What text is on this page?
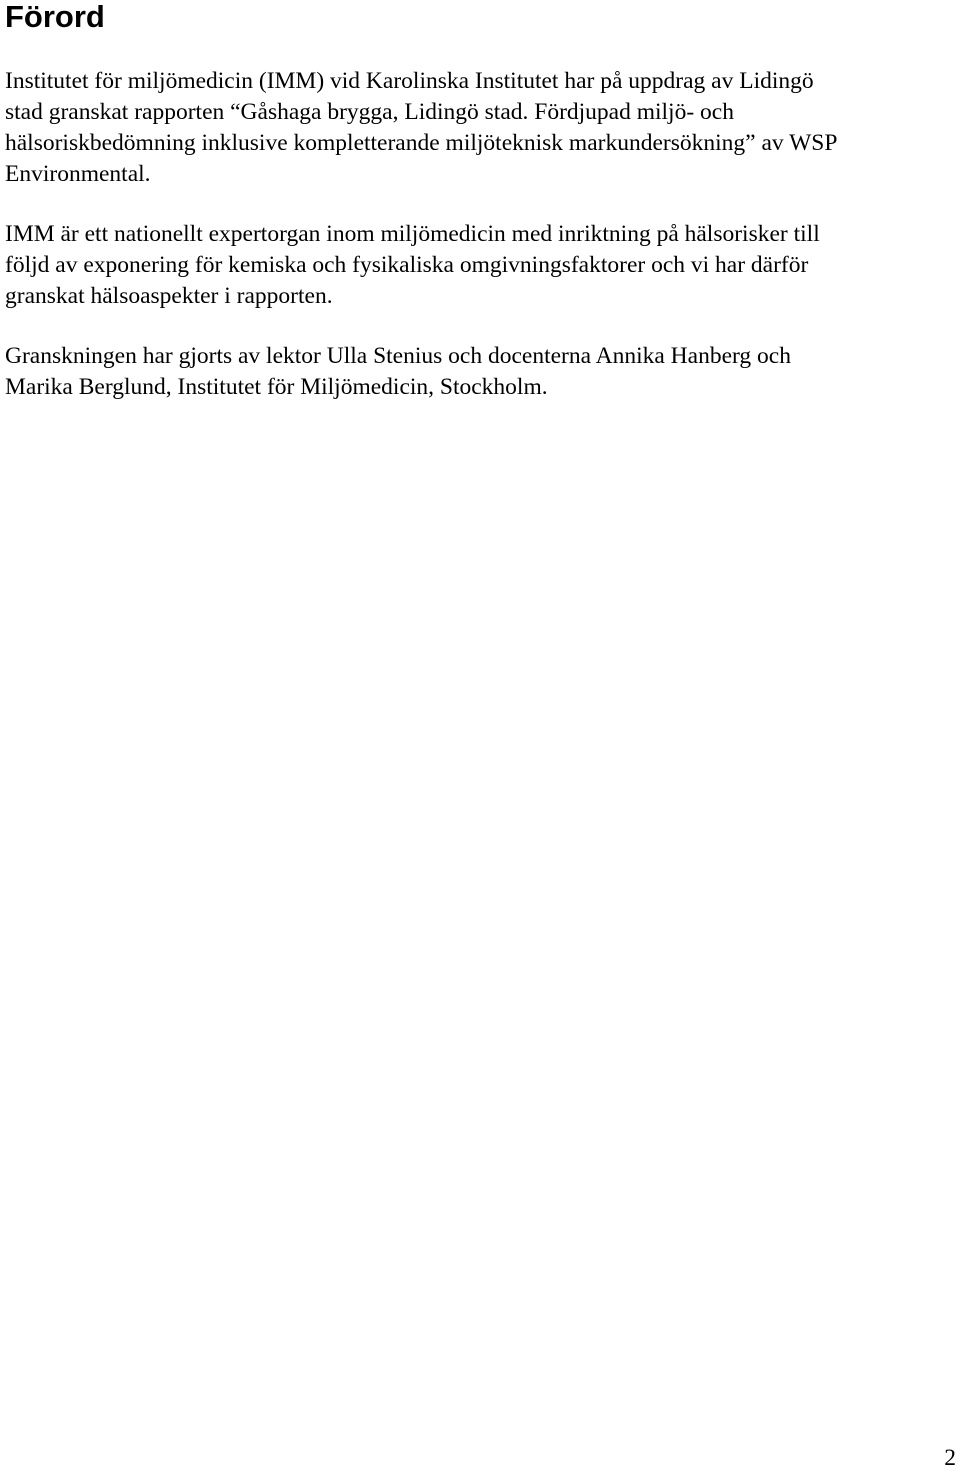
Förord

Institutet för miljömedicin (IMM) vid Karolinska Institutet har på uppdrag av Lidingö
stad granskat rapporten “Gåshaga brygga, Lidingö stad. Fördjupad miljö- och
hälsoriskbedömning inklusive kompletterande miljöteknisk markundersökning” av WSP
Environmental.

IMM är ett nationellt expertorgan inom miljömedicin med inriktning på hälsorisker till
följd av exponering för kemiska och fysikaliska omgivningsfaktorer och vi har därför
granskat hälsoaspekter i rapporten.

Granskningen har gjorts av lektor Ulla Stenius och docenterna Annika Hanberg och
Marika Berglund, Institutet för Miljömedicin, Stockholm.

2
